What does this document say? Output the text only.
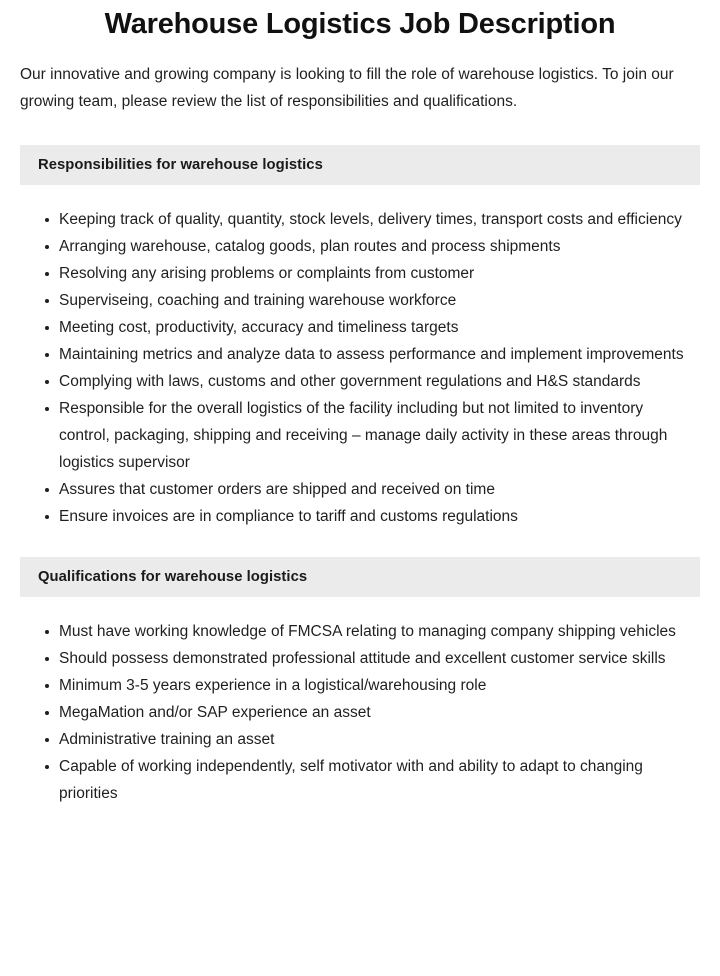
Warehouse Logistics Job Description

Our innovative and growing company is looking to fill the role of warehouse logistics. To join our growing team, please review the list of responsibilities and qualifications.

Responsibilities for warehouse logistics
Keeping track of quality, quantity, stock levels, delivery times, transport costs and efficiency
Arranging warehouse, catalog goods, plan routes and process shipments
Resolving any arising problems or complaints from customer
Superviseing, coaching and training warehouse workforce
Meeting cost, productivity, accuracy and timeliness targets
Maintaining metrics and analyze data to assess performance and implement improvements
Complying with laws, customs and other government regulations and H&S standards
Responsible for the overall logistics of the facility including but not limited to inventory control, packaging, shipping and receiving – manage daily activity in these areas through logistics supervisor
Assures that customer orders are shipped and received on time
Ensure invoices are in compliance to tariff and customs regulations
Qualifications for warehouse logistics
Must have working knowledge of FMCSA relating to managing company shipping vehicles
Should possess demonstrated professional attitude and excellent customer service skills
Minimum 3-5 years experience in a logistical/warehousing role
MegaMation and/or SAP experience an asset
Administrative training an asset
Capable of working independently, self motivator with and ability to adapt to changing priorities
